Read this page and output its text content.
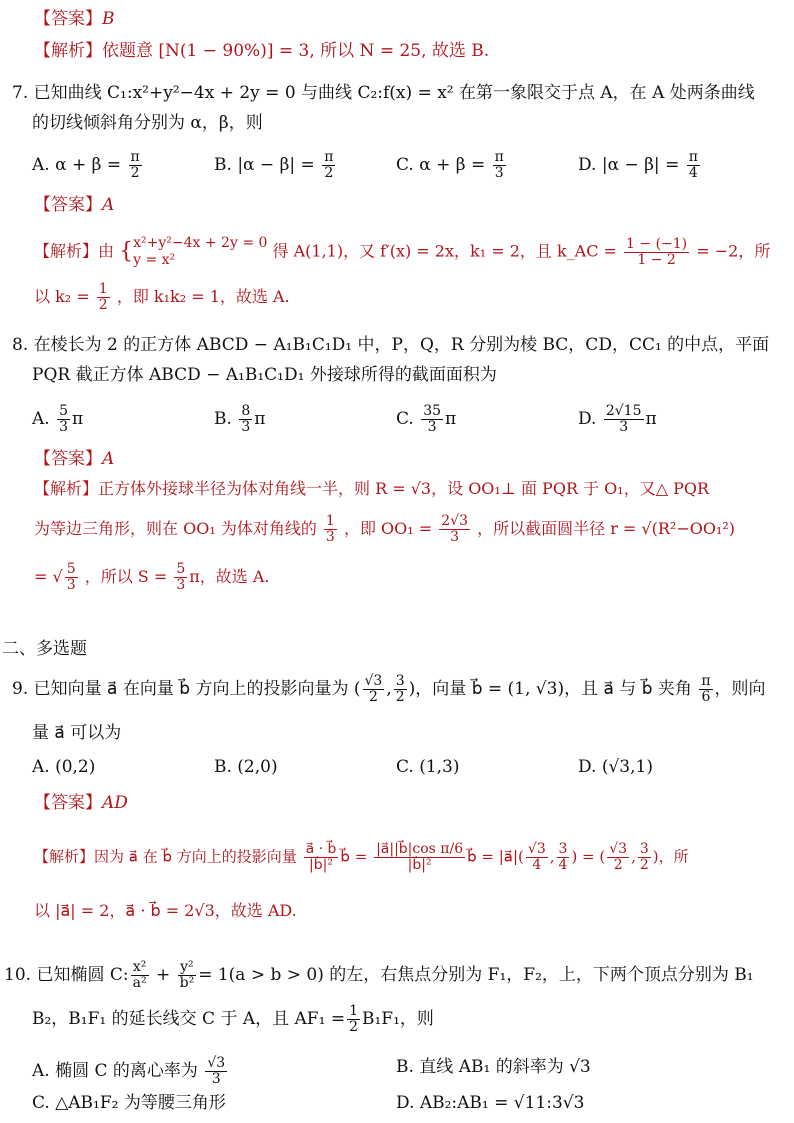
【答案】B
【解析】依题意 [N(1 − 90%)] = 3, 所以 N = 25, 故选 B.
7. 已知曲线 C₁:x²+y²−4x + 2y = 0 与曲线 C₂:f(x) = x² 在第一象限交于点 A，在 A 处两条曲线
的切线倾斜角分别为 α，β，则
A. $\alpha + \beta = \frac{\pi}{2}$	B. $|\alpha - \beta| = \frac{\pi}{2}$	C. $\alpha + \beta = \frac{\pi}{3}$	D. $|\alpha - \beta| = \frac{\pi}{4}$
【答案】A
【解析】由 { x²+y²−4x + 2y = 0
y = x²	得 A(1,1)，又 f′(x) = 2x，k₁ = 2，且 k_AC = $\frac{1 - (-1)}{1 - 2} = -2$，所
以 $k_2 = \frac{1}{2}$ ，即 k₁k₂ = 1，故选 A.
8. 在棱长为 2 的正方体 ABCD − A₁B₁C₁D₁ 中，P，Q，R 分别为棱 BC，CD，CC₁ 的中点，平面
PQR 截正方体 ABCD − A₁B₁C₁D₁ 外接球所得的截面面积为
A. $\frac{5}{3}$ π	B. $\frac{8}{3}$ π	C. $\frac{35}{3}$ π	D. $\frac{2√15}{3}$ π
【答案】A
【解析】正方体外接球半径为体对角线一半，则 R = √3，设 OO₁⊥ 面 PQR 于 O₁，又△ PQR
为等边三角形，则在 OO₁ 为体对角线的 $\frac{1}{3}$ ，即 $OO_1 = \frac{2√3}{3}$ ，所以截面圆半径 r = √(R²−OO₁²)
= √ $\frac{5}{3}$ ，所以 $S = \frac{5}{3}$ π，故选 A.
二、多选题
9. 已知向量 a⃗ 在向量 b⃗ 方向上的投影向量为 ( $\frac{√3}{2}$ , $\frac{3}{2}$ )，向量 b⃗ = (1, √3)，且 a⃗ 与 b⃗ 夹角 $\frac{\pi}{6}$ ，则向
量 a⃗ 可以为
A. (0,2)	B. (2,0)	C. (1,3)	D. (√3,1)
【答案】AD
【解析】因为 a⃗ 在 b⃗ 方向上的投影向量 $\frac{a⃗ \cdot b⃗}{\text{|b⃗|²}}$ b⃗ = $\frac{\text{|a⃗||b⃗|cos π/6}}{\text{|b⃗|²}}$ b⃗ = |a⃗|( $\frac{√3}{4}$ , $\frac{3}{4}$ ) = ( $\frac{√3}{2}$ , $\frac{3}{2}$ )，所
以 |a⃗| = 2，a⃗ · b⃗ = 2√3，故选 AD.
10. 已知椭圆 C: $\frac{\text{x²}}{\text{a²}} + \frac{\text{y²}}{\text{b²}} = 1(a > b > 0)$ 的左，右焦点分别为 F₁，F₂，上，下两个顶点分别为 B₁
B₂，B₁F₁ 的延长线交 C 于 A，且 $AF_1 = \frac{1}{2} B_1F_1$，则
A. 椭圆 C 的离心率为 $\frac{√3}{3}$	B. 直线 AB₁ 的斜率为 √3
C. △AB₁F₂ 为等腰三角形	D. AB₂:AB₁ = √11:3√3
